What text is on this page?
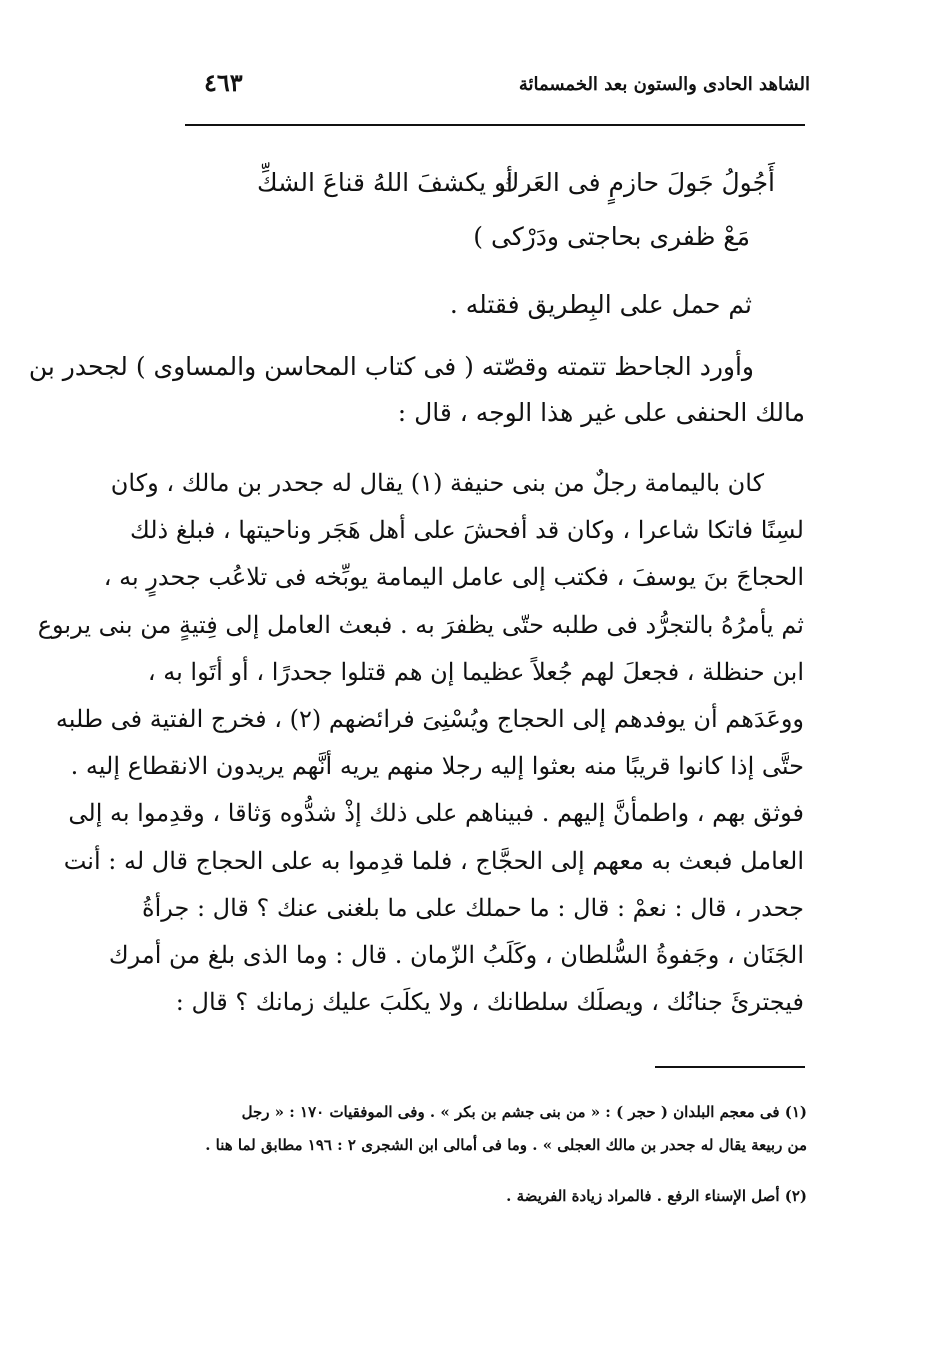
الشاهد الحادى والستون بعد الخمسمائة
٤٦٣
أَجُولُ جَولَ حازمٍ فى العَرك
أو يكشفَ اللهُ قناعَ الشكِّ
مَعْ ظفرى بحاجتى ودَرْكى )
ثم حمل على البِطريق فقتله .
وأورد الجاحظ تتمته وقصّته ( فى كتاب المحاسن والمساوى ) لجحدر بن
مالك الحنفى على غير هذا الوجه ، قال :
كان باليمامة رجلٌ من بنى حنيفة (١) يقال له جحدر بن مالك ، وكان
لسِنًا فاتكا شاعرا ، وكان قد أفحشَ على أهل هَجَر وناحيتها ، فبلغ ذلك
الحجاجَ بنَ يوسفَ ، فكتب إلى عامل اليمامة يوبِّخه فى تلاعُب جحدرٍ به ،
ثم يأمرُهُ بالتجرُّد فى طلبه حتّى يظفرَ به . فبعث العامل إلى فِتيةٍ من بنى يربوع
ابن حنظلة ، فجعلَ لهم جُعلاً عظيما إن هم قتلوا جحدرًا ، أو أتَوا به ،
ووعَدَهم أن يوفدهم إلى الحجاج ويُسْنِىَ فرائضهم (٢) ، فخرج الفتية فى طلبه
حتَّى إذا كانوا قريبًا منه بعثوا إليه رجلا منهم يريه أنَّهم يريدون الانقطاع إليه .
فوثق بهم ، واطمأنَّ إليهم . فبيناهم على ذلك إذْ شدُّوه وَثاقا ، وقدِموا به إلى
العامل فبعث به معهم إلى الحجَّاج ، فلما قدِموا به على الحجاج قال له : أنت
جحدر ، قال : نعمْ : قال : ما حملك على ما بلغنى عنك ؟ قال : جرأةُ
الجَنَان ، وجَفوةُ السُّلطان ، وكَلَبُ الزّمان . قال : وما الذى بلغ من أمرك
فيجترئَ جنانُك ، ويصلَك سلطانك ، ولا يكلَبَ عليك زمانك ؟ قال :
(١) فى معجم البلدان ( حجر ) : « من بنى جشم بن بكر » . وفى الموفقيات ١٧٠ : « رجل
من ربيعة يقال له جحدر بن مالك العجلى » . وما فى أمالى ابن الشجرى ٢ : ١٩٦ مطابق لما هنا .
(٢) أصل الإسناء الرفع . فالمراد زيادة الفريضة .
